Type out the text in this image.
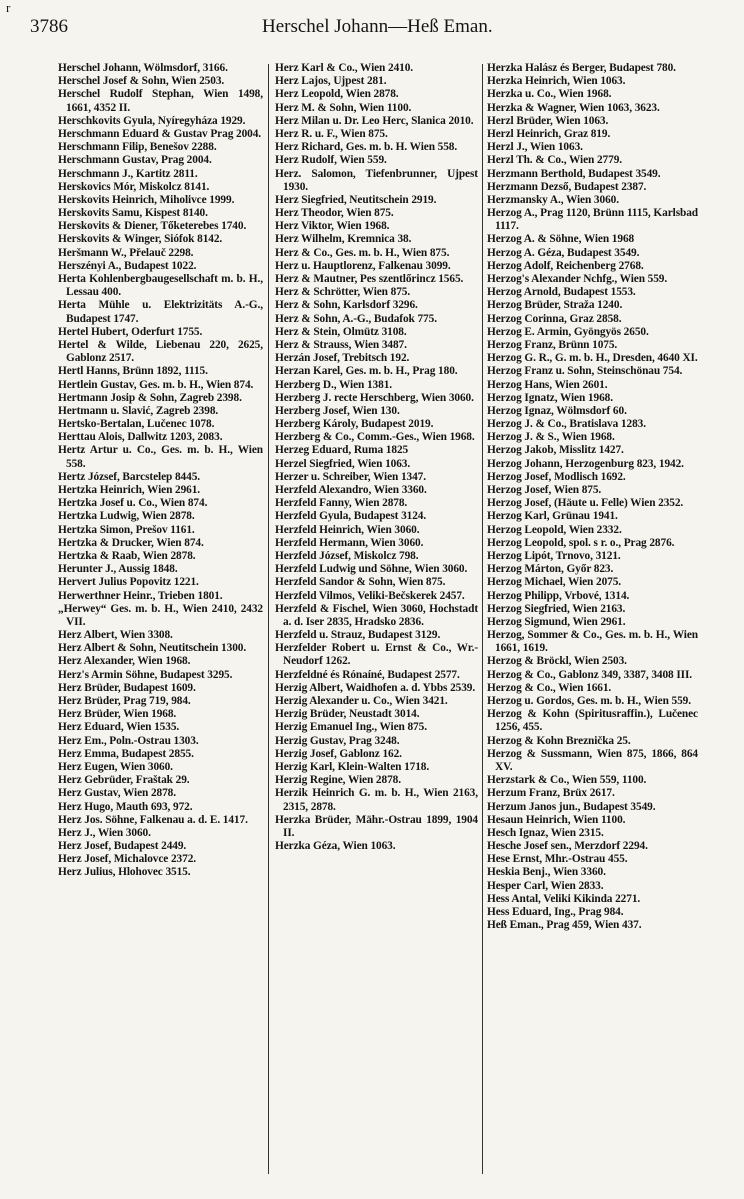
r
3786	Herschel Johann—Heß Eman.
Herschel Johann, Wölmsdorf, 3166.
Herschel Josef & Sohn, Wien 2503.
Herschel Rudolf Stephan, Wien 1498, 1661, 4352 II.
Herschkovits Gyula, Nyíregyháza 1929.
Herschmann Eduard & Gustav Prag 2004.
Herschmann Filip, Benešov 2288.
Herschmann Gustav, Prag 2004.
Herschmann J., Kartitz 2811.
Herskovics Mór, Miskolcz 8141.
Herskovits Heinrich, Miholivce 1999.
Herskovits Samu, Kispest 8140.
Herskovits & Diener, Tőketerebes 1740.
Herskovits & Winger, Siófok 8142.
Heršmann W., Přelauč 2298.
Herszényi A., Budapest 1022.
Herta Kohlenbergbaugesellschaft m. b. H., Lessau 400.
Herta Mühle u. Elektrizitäts A.-G., Budapest 1747.
Hertel Hubert, Oderfurt 1755.
Hertel & Wilde, Liebenau 220, 2625, Gablonz 2517.
Hertl Hanns, Brünn 1892, 1115.
Hertlein Gustav, Ges. m. b. H., Wien 874.
Hertmann Josip & Sohn, Zagreb 2398.
Hertmann u. Slavić, Zagreb 2398.
Hertsko-Bertalan, Lučenec 1078.
Herttau Alois, Dallwitz 1203, 2083.
Hertz Artur u. Co., Ges. m. b. H., Wien 558.
Hertz József, Barcstelep 8445.
Hertzka Heinrich, Wien 2961.
Hertzka Josef u. Co., Wien 874.
Hertzka Ludwig, Wien 2878.
Hertzka Simon, Prešov 1161.
Hertzka & Drucker, Wien 874.
Hertzka & Raab, Wien 2878.
Herunter J., Aussig 1848.
Hervert Julius Popovitz 1221.
Herwerthner Heinr., Trieben 1801.
„Herwey“ Ges. m. b. H., Wien 2410, 2432 VII.
Herz Albert, Wien 3308.
Herz Albert & Sohn, Neutitschein 1300.
Herz Alexander, Wien 1968.
Herz's Armin Söhne, Budapest 3295.
Herz Brüder, Budapest 1609.
Herz Brüder, Prag 719, 984.
Herz Brüder, Wien 1968.
Herz Eduard, Wien 1535.
Herz Em., Poln.-Ostrau 1303.
Herz Emma, Budapest 2855.
Herz Eugen, Wien 3060.
Herz Gebrüder, Fraštak 29.
Herz Gustav, Wien 2878.
Herz Hugo, Mauth 693, 972.
Herz Jos. Söhne, Falkenau a. d. E. 1417.
Herz J., Wien 3060.
Herz Josef, Budapest 2449.
Herz Josef, Michalovce 2372.
Herz Julius, Hlohovec 3515.
Herz Karl & Co., Wien 2410.
Herz Lajos, Ujpest 281.
Herz Leopold, Wien 2878.
Herz M. & Sohn, Wien 1100.
Herz Milan u. Dr. Leo Herc, Slanica 2010.
Herz R. u. F., Wien 875.
Herz Richard, Ges. m. b. H. Wien 558.
Herz Rudolf, Wien 559.
Herz. Salomon, Tiefenbrunner, Ujpest 1930.
Herz Siegfried, Neutitschein 2919.
Herz Theodor, Wien 875.
Herz Viktor, Wien 1968.
Herz Wilhelm, Kremnica 38.
Herz & Co., Ges. m. b. H., Wien 875.
Herz u. Hauptlorenz, Falkenau 3099.
Herz & Mautner, Pes szentlőrincz 1565.
Herz & Schrötter, Wien 875.
Herz & Sohn, Karlsdorf 3296.
Herz & Sohn, A.-G., Budafok 775.
Herz & Stein, Olmütz 3108.
Herz & Strauss, Wien 3487.
Herzán Josef, Trebitsch 192.
Herzan Karel, Ges. m. b. H., Prag 180.
Herzberg D., Wien 1381.
Herzberg J. recte Herschberg, Wien 3060.
Herzberg Josef, Wien 130.
Herzberg Károly, Budapest 2019.
Herzberg & Co., Comm.-Ges., Wien 1968.
Herzeg Eduard, Ruma 1825
Herzel Siegfried, Wien 1063.
Herzer u. Schreiber, Wien 1347.
Herzfeld Alexandro, Wien 3360.
Herzfeld Fanny, Wien 2878.
Herzfeld Gyula, Budapest 3124.
Herzfeld Heinrich, Wien 3060.
Herzfeld Hermann, Wien 3060.
Herzfeld József, Miskolcz 798.
Herzfeld Ludwig und Söhne, Wien 3060.
Herzfeld Sandor & Sohn, Wien 875.
Herzfeld Vilmos, Veliki-Bečskerek 2457.
Herzfeld & Fischel, Wien 3060, Hochstadt a. d. Iser 2835, Hradsko 2836.
Herzfeld u. Strauz, Budapest 3129.
Herzfelder Robert u. Ernst & Co., Wr.-Neudorf 1262.
Herzfeldné és Rónaíné, Budapest 2577.
Herzig Albert, Waidhofen a. d. Ybbs 2539.
Herzig Alexander u. Co., Wien 3421.
Herzig Brüder, Neustadt 3014.
Herzig Emanuel Ing., Wien 875.
Herzig Gustav, Prag 3248.
Herzig Josef, Gablonz 162.
Herzig Karl, Klein-Walten 1718.
Herzig Regine, Wien 2878.
Herzik Heinrich G. m. b. H., Wien 2163, 2315, 2878.
Herzka Brüder, Mähr.-Ostrau 1899, 1904 II.
Herzka Géza, Wien 1063.
Herzka Halász és Berger, Budapest 780.
Herzka Heinrich, Wien 1063.
Herzka u. Co., Wien 1968.
Herzka & Wagner, Wien 1063, 3623.
Herzl Brüder, Wien 1063.
Herzl Heinrich, Graz 819.
Herzl J., Wien 1063.
Herzl Th. & Co., Wien 2779.
Herzmann Berthold, Budapest 3549.
Herzmann Dezső, Budapest 2387.
Herzmansky A., Wien 3060.
Herzog A., Prag 1120, Brünn 1115, Karlsbad 1117.
Herzog A. & Söhne, Wien 1968
Herzog A. Géza, Budapest 3549.
Herzog Adolf, Reichenberg 2768.
Herzog's Alexander Nchfg., Wien 559.
Herzog Arnold, Budapest 1553.
Herzog Brüder, Straža 1240.
Herzog Corinna, Graz 2858.
Herzog E. Armin, Gyöngyös 2650.
Herzog Franz, Brünn 1075.
Herzog G. R., G. m. b. H., Dresden, 4640 XI.
Herzog Franz u. Sohn, Steinschönau 754.
Herzog Hans, Wien 2601.
Herzog Ignatz, Wien 1968.
Herzog Ignaz, Wölmsdorf 60.
Herzog J. & Co., Bratislava 1283.
Herzog J. & S., Wien 1968.
Herzog Jakob, Misslitz 1427.
Herzog Johann, Herzogenburg 823, 1942.
Herzog Josef, Modlisch 1692.
Herzog Josef, Wien 875.
Herzog Josef, (Häute u. Felle) Wien 2352.
Herzog Karl, Grünau 1941.
Herzog Leopold, Wien 2332.
Herzog Leopold, spol. s r. o., Prag 2876.
Herzog Lipót, Trnovo, 3121.
Herzog Márton, Győr 823.
Herzog Michael, Wien 2075.
Herzog Philipp, Vrbové, 1314.
Herzog Siegfried, Wien 2163.
Herzog Sigmund, Wien 2961.
Herzog, Sommer & Co., Ges. m. b. H., Wien 1661, 1619.
Herzog & Bröckl, Wien 2503.
Herzog & Co., Gablonz 349, 3387, 3408 III.
Herzog & Co., Wien 1661.
Herzog u. Gordos, Ges. m. b. H., Wien 559.
Herzog & Kohn (Spiritusraffin.), Lučenec 1256, 455.
Herzog & Kohn Breznička 25.
Herzog & Sussmann, Wien 875, 1866, 864 XV.
Herzstark & Co., Wien 559, 1100.
Herzum Franz, Brüx 2617.
Herzum Janos jun., Budapest 3549.
Hesaun Heinrich, Wien 1100.
Hesch Ignaz, Wien 2315.
Hesche Josef sen., Merzdorf 2294.
Hese Ernst, Mhr.-Ostrau 455.
Heskia Benj., Wien 3360.
Hesper Carl, Wien 2833.
Hess Antal, Veliki Kikinda 2271.
Hess Eduard, Ing., Prag 984.
Heß Eman., Prag 459, Wien 437.
